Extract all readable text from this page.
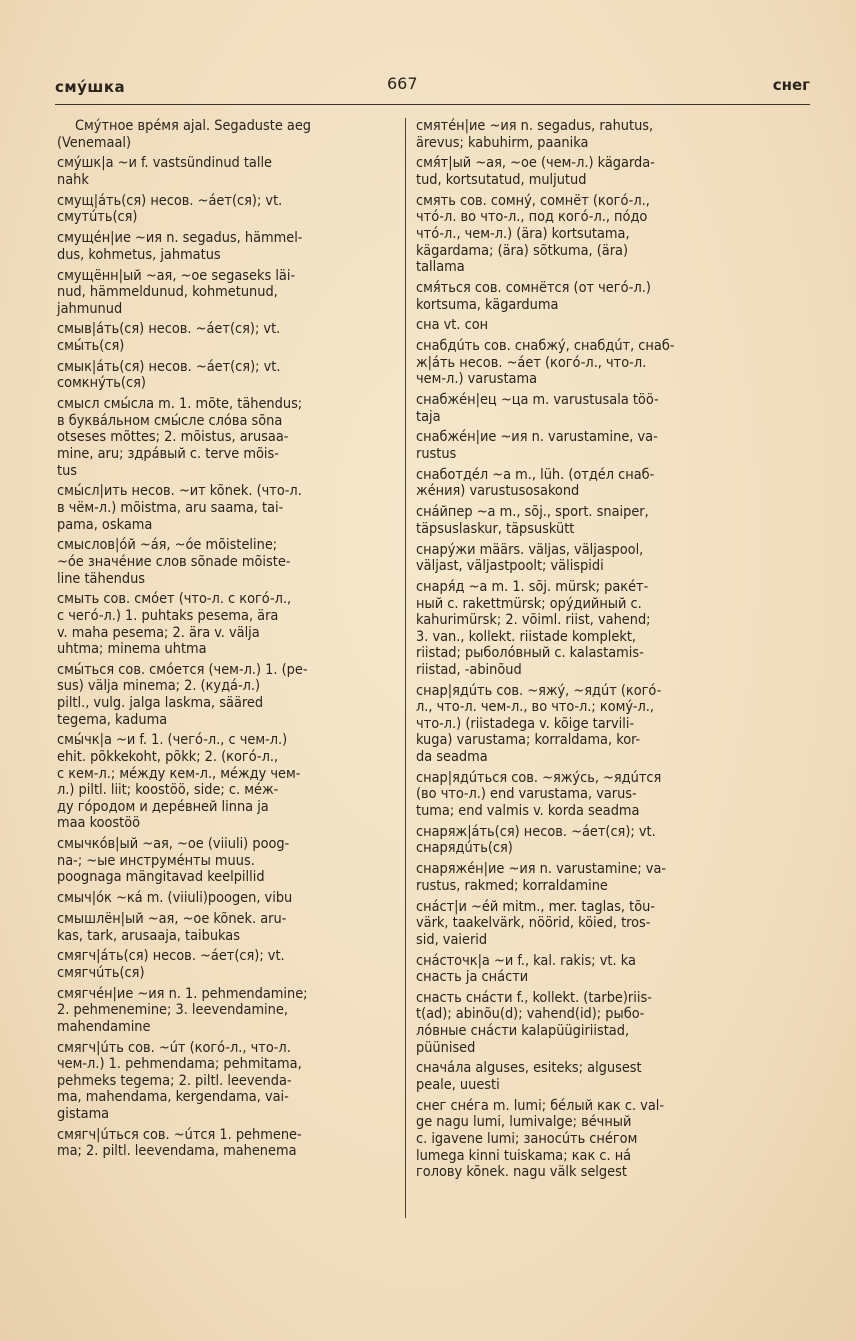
смýшка	667	снег

Смýтное врéмя ajal. Segaduste aeg
(Venemaal)

смýшк|а ~и f. vastsündinud talle
nahk

смущ|áть(ся) несов. ~áет(ся); vt.
смутúть(ся)

смущéн|ие ~ия n. segadus, hämmel-
dus, kohmetus, jahmatus

смущённ|ый ~ая, ~ое segaseks läi-
nud, hämmeldunud, kohmetunud,
jahmunud

смыв|áть(ся) несов. ~áет(ся); vt.
смы́ть(ся)

смык|áть(ся) несов. ~áет(ся); vt.
сомкнýть(ся)

смысл смы́сла m. 1. mõte, tähendus;
в буквáльном смы́сле слóва sõna
otseses mõttes; 2. mõistus, arusaa-
mine, aru; здрáвый с. terve mõis-
tus

смы́сл|ить несов. ~ит kõnek. (что-л.
в чём-л.) mõistma, aru saama, tai-
pama, oskama

смыслов|óй ~áя, ~óе mõisteline;
~óе значéние слов sõnade mõiste-
line tähendus

смыть сов. смóет (что-л. с когó-л.,
с чегó-л.) 1. puhtaks pesema, ära
v. maha pesema; 2. ära v. välja
uhtma; minema uhtma

смы́ться сов. смóется (чем-л.) 1. (pe-
sus) välja minema; 2. (кудá-л.)
piltl., vulg. jalga laskma, sääred
tegema, kaduma

смы́чк|а ~и f. 1. (чегó-л., с чем-л.)
ehit. põkkekoht, põkk; 2. (когó-л.,
с кем-л.; мéжду кем-л., мéжду чем-
л.) piltl. liit; koostöö, side; с. мéж-
ду гóродом и дерéвней linna ja
maa koostöö

смычкóв|ый ~ая, ~ое (viiuli) poog-
na-; ~ые инструмéнты muus.
poognaga mängitavad keelpillid

смыч|óк ~кá m. (viiuli)poogen, vibu

смышлён|ый ~ая, ~ое kõnek. aru-
kas, tark, arusaaja, taibukas

смягч|áть(ся) несов. ~áет(ся); vt.
смягчúть(ся)

смягчéн|ие ~ия n. 1. pehmendamine;
2. pehmenemine; 3. leevendamine,
mahendamine

смягч|úть сов. ~úт (когó-л., что-л.
чем-л.) 1. pehmendama; pehmitama,
pehmeks tegema; 2. piltl. leevenda-
ma, mahendama, kergendama, vai-
gistama

смягч|úться сов. ~úтся 1. pehmene-
ma; 2. piltl. leevendama, mahenema

смятéн|ие ~ия n. segadus, rahutus,
ärevus; kabuhirm, paanika

смя́т|ый ~ая, ~ое (чем-л.) kägarda-
tud, kortsutatud, muljutud

смять сов. сомнý, сомнёт (когó-л.,
чтó-л. во что-л., под когó-л., пóдо
чтó-л., чем-л.) (ära) kortsutama,
kägardama; (ära) sõtkuma, (ära)
tallama

смя́ться сов. сомнётся (от чегó-л.)
kortsuma, kägarduma

сна vt. сон

снабдúть сов. снабжý, снабдúт, снаб-
ж|áть несов. ~áет (когó-л., что-л.
чем-л.) varustama

снабжéн|ец ~ца m. varustusala töö-
taja

снабжéн|ие ~ия n. varustamine, va-
rustus

снаботдéл ~а m., lüh. (отдéл снаб-
жéния) varustusosakond

снáйпер ~а m., sõj., sport. snaiper,
täpsuslaskur, täpsuskütt

снарýжи määrs. väljas, väljaspool,
väljast, väljastpoolt; välispidi

снаря́д ~а m. 1. sõj. mürsk; ракéт-
ный с. rakettmürsk; орýдийный с.
kahurimürsk; 2. võiml. riist, vahend;
3. van., kollekt. riistade komplekt,
riistad; рыболóвный с. kalastamis-
riistad, -abinõud

снар|ядúть сов. ~яжý, ~ядúт (когó-
л., что-л. чем-л., во что-л.; комý-л.,
что-л.) (riistadega v. kõige tarvili-
kuga) varustama; korraldama, kor-
da seadma

снар|ядúться сов. ~яжýсь, ~ядúтся
(во что-л.) end varustama, varus-
tuma; end valmis v. korda seadma

снаряж|áть(ся) несов. ~áет(ся); vt.
снарядúть(ся)

снаряжéн|ие ~ия n. varustamine; va-
rustus, rakmed; korraldamine

снáст|и ~éй mitm., mer. taglas, tõu-
värk, taakelvärk, nöörid, köied, tros-
sid, vaierid

снáсточк|а ~и f., kal. rakis; vt. ka
снасть ja снáсти

снасть снáсти f., kollekt. (tarbe)riis-
t(ad); abinõu(d); vahend(id); рыбо-
лóвные снáсти kalapüügiriistad,
püünised

сначáла alguses, esiteks; algusest
peale, uuesti

снег снéга m. lumi; бéлый как с. val-
ge nagu lumi, lumivalge; вéчный
с. igavene lumi; заносúть снéгом
lumega kinni tuiskama; как с. нá
голову kõnek. nagu välk selgest
